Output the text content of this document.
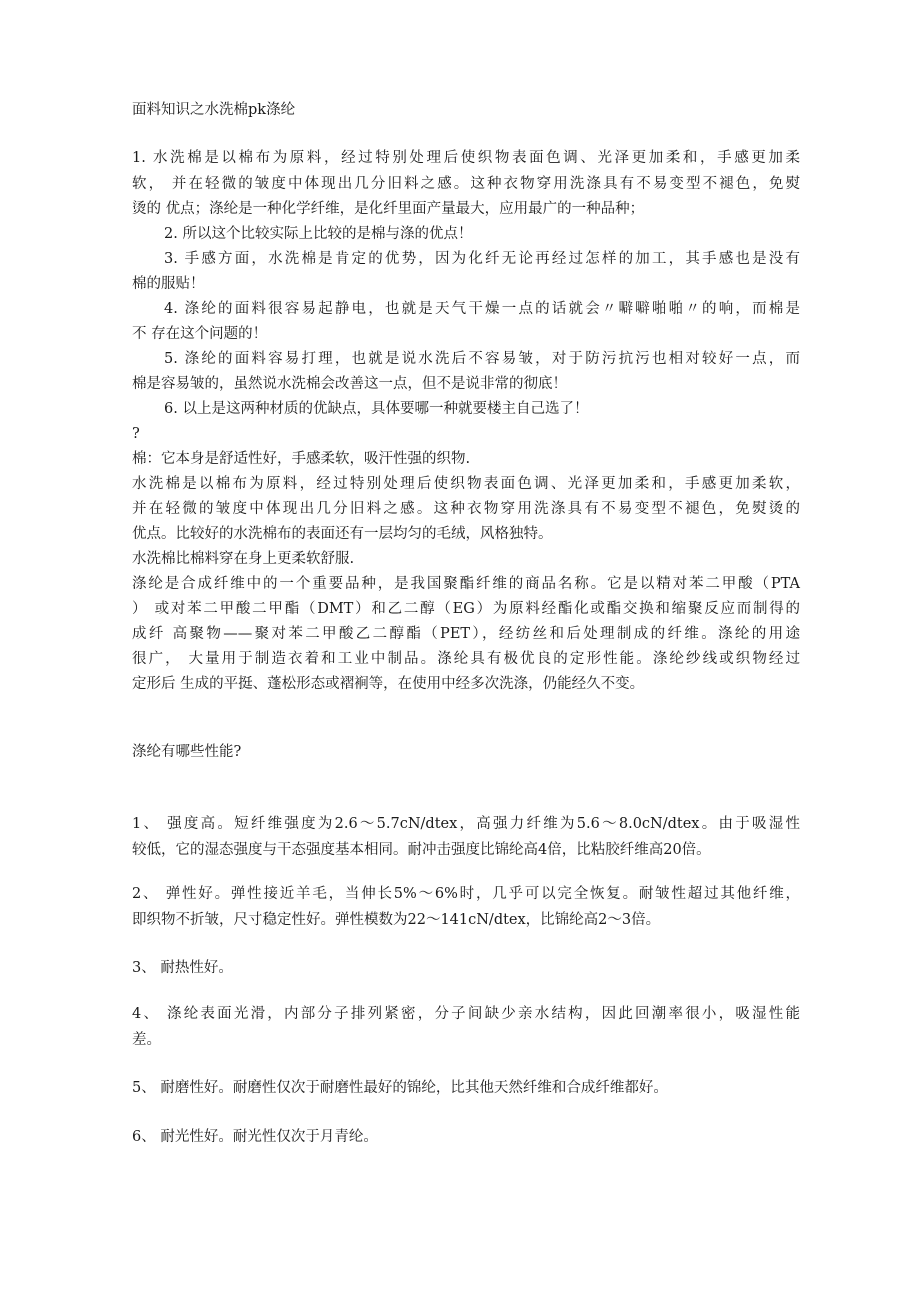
面料知识之水洗棉pk涤纶
1. 水洗棉是以棉布为原料，经过特别处理后使织物表面色调、光泽更加柔和，手感更加柔
软， 并在轻微的皱度中体现出几分旧料之感。这种衣物穿用洗涤具有不易变型不褪色，免熨
烫的 优点；涤纶是一种化学纤维，是化纤里面产量最大，应用最广的一种品种；
2. 所以这个比较实际上比较的是棉与涤的优点！
3. 手感方面，水洗棉是肯定的优势，因为化纤无论再经过怎样的加工，其手感也是没有
棉的服贴！
4. 涤纶的面料很容易起静电，也就是天气干燥一点的话就会〃噼噼啪啪〃的响，而棉是
不 存在这个问题的！
5. 涤纶的面料容易打理，也就是说水洗后不容易皱，对于防污抗污也相对较好一点，而
棉是容易皱的，虽然说水洗棉会改善这一点，但不是说非常的彻底！
6. 以上是这两种材质的优缺点，具体要哪一种就要楼主自己选了！
?
棉：它本身是舒适性好，手感柔软，吸汗性强的织物.
水洗棉是以棉布为原料，经过特别处理后使织物表面色调、光泽更加柔和，手感更加柔软，
并在轻微的皱度中体现出几分旧料之感。这种衣物穿用洗涤具有不易变型不褪色，免熨烫的
优点。比较好的水洗棉布的表面还有一层均匀的毛绒，风格独特。
水洗棉比棉料穿在身上更柔软舒服.
涤纶是合成纤维中的一个重要品种，是我国聚酯纤维的商品名称。它是以精对苯二甲酸（PTA
） 或对苯二甲酸二甲酯（DMT）和乙二醇（EG）为原料经酯化或酯交换和缩聚反应而制得的
成纤 高聚物——聚对苯二甲酸乙二醇酯（PET），经纺丝和后处理制成的纤维。涤纶的用途
很广， 大量用于制造衣着和工业中制品。涤纶具有极优良的定形性能。涤纶纱线或织物经过
定形后 生成的平挺、蓬松形态或褶裥等，在使用中经多次洗涤，仍能经久不变。
涤纶有哪些性能?
1、 强度高。短纤维强度为2.6～5.7cN/dtex，高强力纤维为5.6～8.0cN/dtex。由于吸湿性
较低，它的湿态强度与干态强度基本相同。耐冲击强度比锦纶高4倍，比粘胶纤维高20倍。
2、 弹性好。弹性接近羊毛，当伸长5%～6%时，几乎可以完全恢复。耐皱性超过其他纤维，
即织物不折皱，尺寸稳定性好。弹性模数为22～141cN/dtex，比锦纶高2～3倍。
3、 耐热性好。
4、 涤纶表面光滑，内部分子排列紧密，分子间缺少亲水结构，因此回潮率很小，吸湿性能
差。
5、 耐磨性好。耐磨性仅次于耐磨性最好的锦纶，比其他天然纤维和合成纤维都好。
6、 耐光性好。耐光性仅次于月青纶。
